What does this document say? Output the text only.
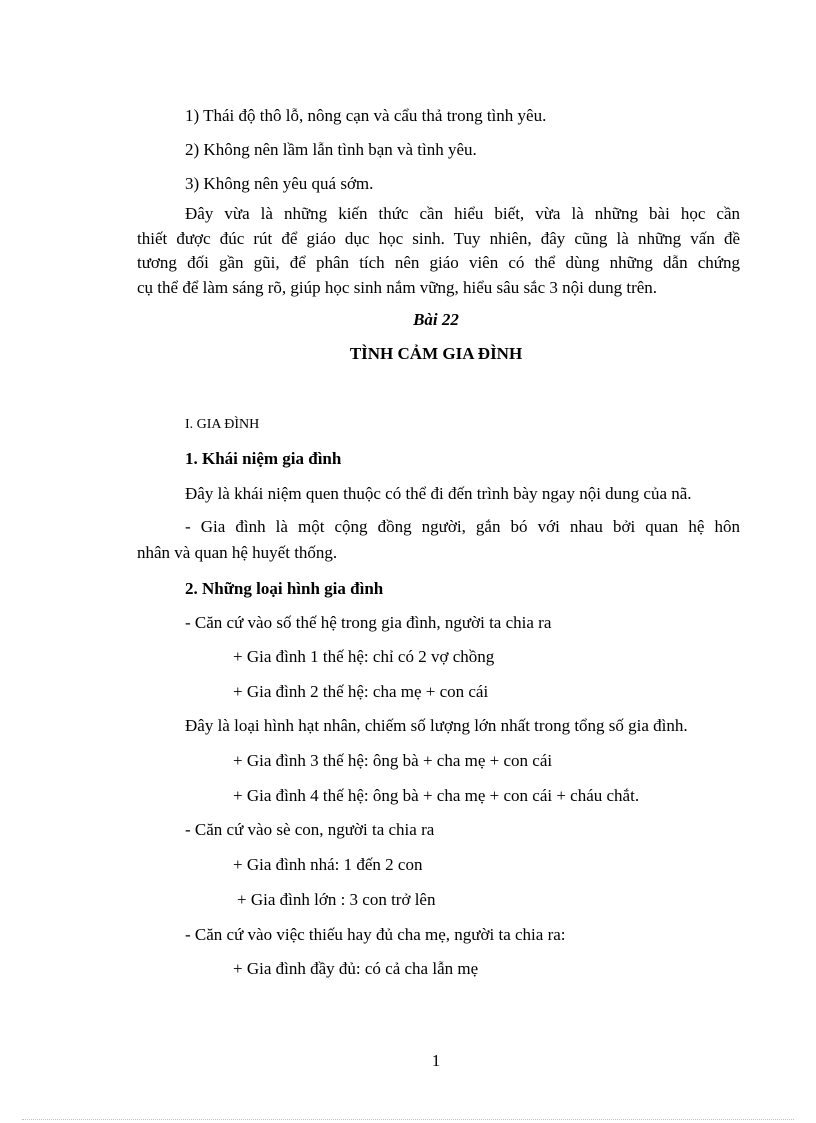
1) Thái độ thô lỗ, nông cạn và cẩu thả trong tình yêu.
2) Không nên lầm lẫn tình bạn và tình yêu.
3) Không nên yêu quá sớm.
Đây vừa là những kiến thức cần hiểu biết, vừa là những bài học cần
thiết được đúc rút để giáo dục học sinh. Tuy nhiên, đây cũng là những vấn đề
tương đối gần gũi, để phân tích nên giáo viên có thể dùng những dẫn chứng
cụ thể để làm sáng rõ, giúp học sinh nắm vững, hiểu sâu sắc 3 nội dung trên.
Bài 22
TÌNH CẢM GIA ĐÌNH
I. GIA ĐÌNH
1. Khái niệm gia đình
Đây là khái niệm quen thuộc có thể đi đến trình bày ngay nội dung của nã.
- Gia đình là một cộng đồng người, gắn bó với nhau bởi quan hệ hôn
nhân và quan hệ huyết thống.
2. Những loại hình gia đình
- Căn cứ vào số thế hệ trong gia đình, người ta chia ra
+ Gia đình 1 thế hệ: chỉ có 2 vợ chồng
+ Gia đình 2 thế hệ: cha mẹ + con cái
Đây là loại hình hạt nhân, chiếm số lượng lớn nhất trong tổng số gia đình.
+ Gia đình 3 thế hệ: ông bà + cha mẹ + con cái
+ Gia đình 4 thế hệ: ông bà + cha mẹ + con cái + cháu chắt.
- Căn cứ vào sè con, người ta chia ra
+ Gia đình nhá: 1 đến 2 con
+ Gia đình lớn : 3 con trở lên
- Căn cứ vào việc thiếu hay đủ cha mẹ, người ta chia ra:
+ Gia đình đầy đủ: có cả cha lẫn mẹ
1
